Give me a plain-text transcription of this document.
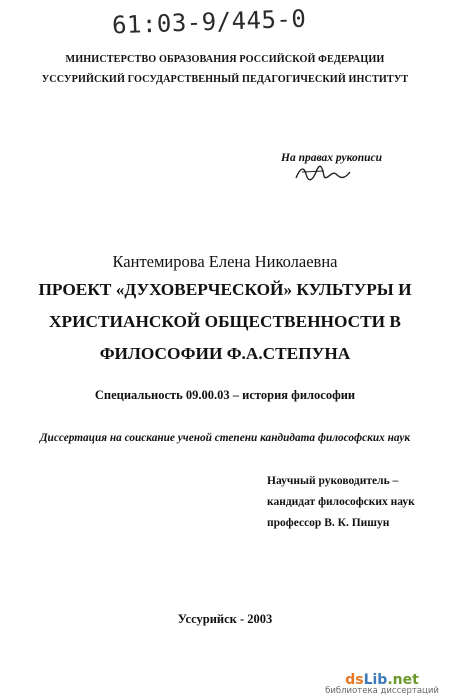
61:03-9/445-0
МИНИСТЕРСТВО ОБРАЗОВАНИЯ РОССИЙСКОЙ ФЕДЕРАЦИИ
УССУРИЙСКИЙ ГОСУДАРСТВЕННЫЙ ПЕДАГОГИЧЕСКИЙ ИНСТИТУТ
На правах рукописи
Кантемирова Елена Николаевна
ПРОЕКТ «ДУХОВЕРЧЕСКОЙ» КУЛЬТУРЫ И
ХРИСТИАНСКОЙ ОБЩЕСТВЕННОСТИ В
ФИЛОСОФИИ Ф.А.СТЕПУНА
Специальность 09.00.03 – история философии
Диссертация на соискание ученой степени кандидата философских наук
Научный руководитель –
кандидат философских наук
профессор В. К. Пишун
Уссурийск - 2003
dsLib.net
библиотека диссертаций
